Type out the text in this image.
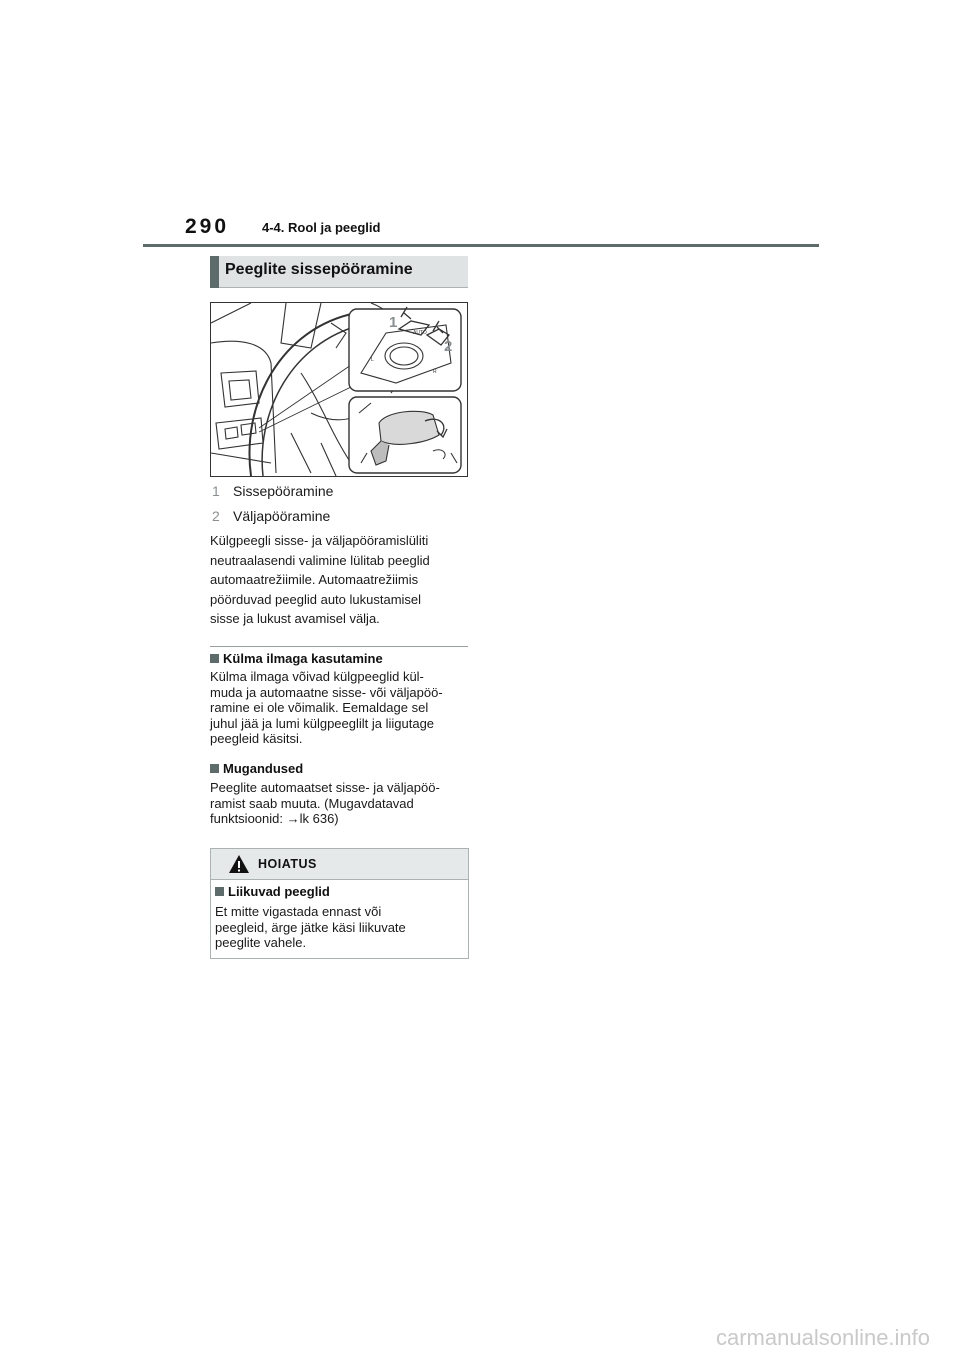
290	4-4. Rool ja peeglid
Peeglite sissepööramine
AUTO
L
R
1
2
1 Sissepööramine
2 Väljapööramine
Külgpeegli sisse- ja väljapööramislüliti
neutraalasendi valimine lülitab peeglid
automaatrežiimile. Automaatrežiimis
pöörduvad peeglid auto lukustamisel
sisse ja lukust avamisel välja.
Külma ilmaga kasutamine
Külma ilmaga võivad külgpeeglid kül-
muda ja automaatne sisse- või väljapöö-
ramine ei ole võimalik. Eemaldage sel
juhul jää ja lumi külgpeeglilt ja liigutage
peegleid käsitsi.
Mugandused
Peeglite automaatset sisse- ja väljapöö-
ramist saab muuta. (Mugavdatavad
funktsioonid: →lk 636)
HOIATUS
Liikuvad peeglid
Et mitte vigastada ennast või
peegleid, ärge jätke käsi liikuvate
peeglite vahele.
carmanualsonline.info
